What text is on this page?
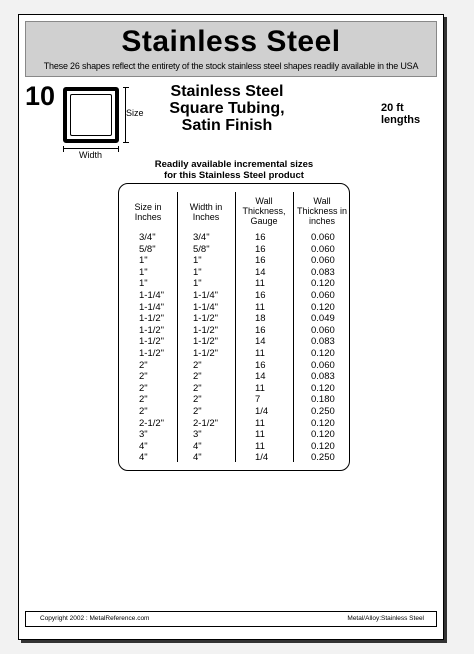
Stainless Steel
These 26 shapes reflect the entirety of the stock stainless steel shapes readily available in the USA
10
Size
Width
Stainless Steel
Square Tubing,
Satin Finish
20 ft lengths
Readily available incremental sizes
for this Stainless Steel product
Size in
Inches
3/4"
5/8"
1"
1"
1"
1-1/4"
1-1/4"
1-1/2"
1-1/2"
1-1/2"
1-1/2"
2"
2"
2"
2"
2"
2-1/2"
3"
4"
4"
Width in
Inches
3/4"
5/8"
1"
1"
1"
1-1/4"
1-1/4"
1-1/2"
1-1/2"
1-1/2"
1-1/2"
2"
2"
2"
2"
2"
2-1/2"
3"
4"
4"
Wall
Thickness,
Gauge
16
16
16
14
11
16
11
18
16
14
11
16
14
11
7
1/4
11
11
11
1/4
Wall
Thickness in
inches
0.060
0.060
0.060
0.083
0.120
0.060
0.120
0.049
0.060
0.083
0.120
0.060
0.083
0.120
0.180
0.250
0.120
0.120
0.120
0.250
Copyright 2002 : MetalReference.com	Metal/Alloy:Stainless Steel
